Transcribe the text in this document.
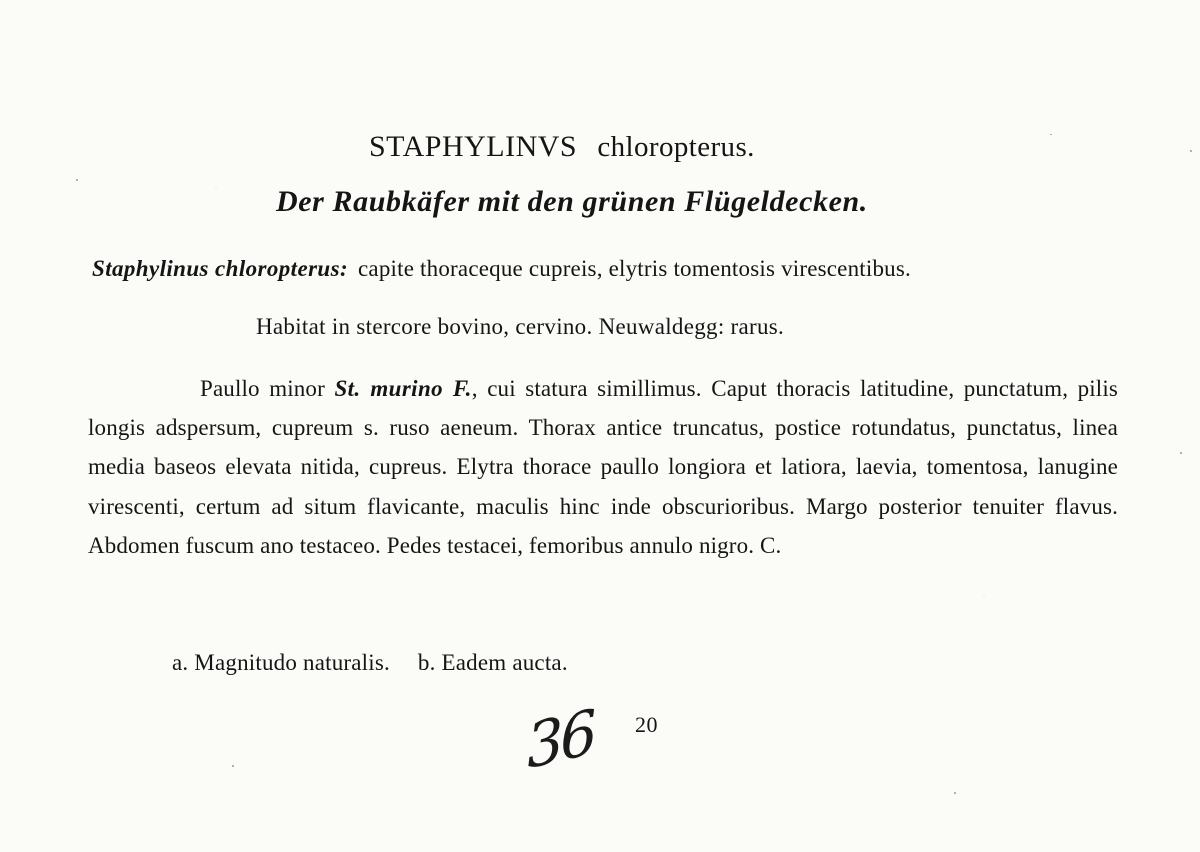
STAPHYLINVS chloropterus.
Der Raubkäfer mit den grünen Flügeldecken.
Staphylinus chloropterus: capite thoraceque cupreis, elytris tomentosis virescentibus.
Habitat in stercore bovino, cervino. Neuwaldegg: rarus.
Paullo minor St. murino F., cui statura simillimus. Caput thoracis latitudine, punctatum, pilis longis adspersum, cupreum s. ruso aeneum. Thorax antice truncatus, postice rotundatus, punctatus, linea media baseos elevata nitida, cupreus. Elytra thorace paullo longiora et latiora, laevia, tomentosa, lanugine virescenti, certum ad situm flavicante, maculis hinc inde obscurioribus. Margo posterior tenuiter flavus. Abdomen fuscum ano testaceo. Pedes testacei, femoribus annulo nigro. C.
a. Magnitudo naturalis. b. Eadem aucta.
36	20
